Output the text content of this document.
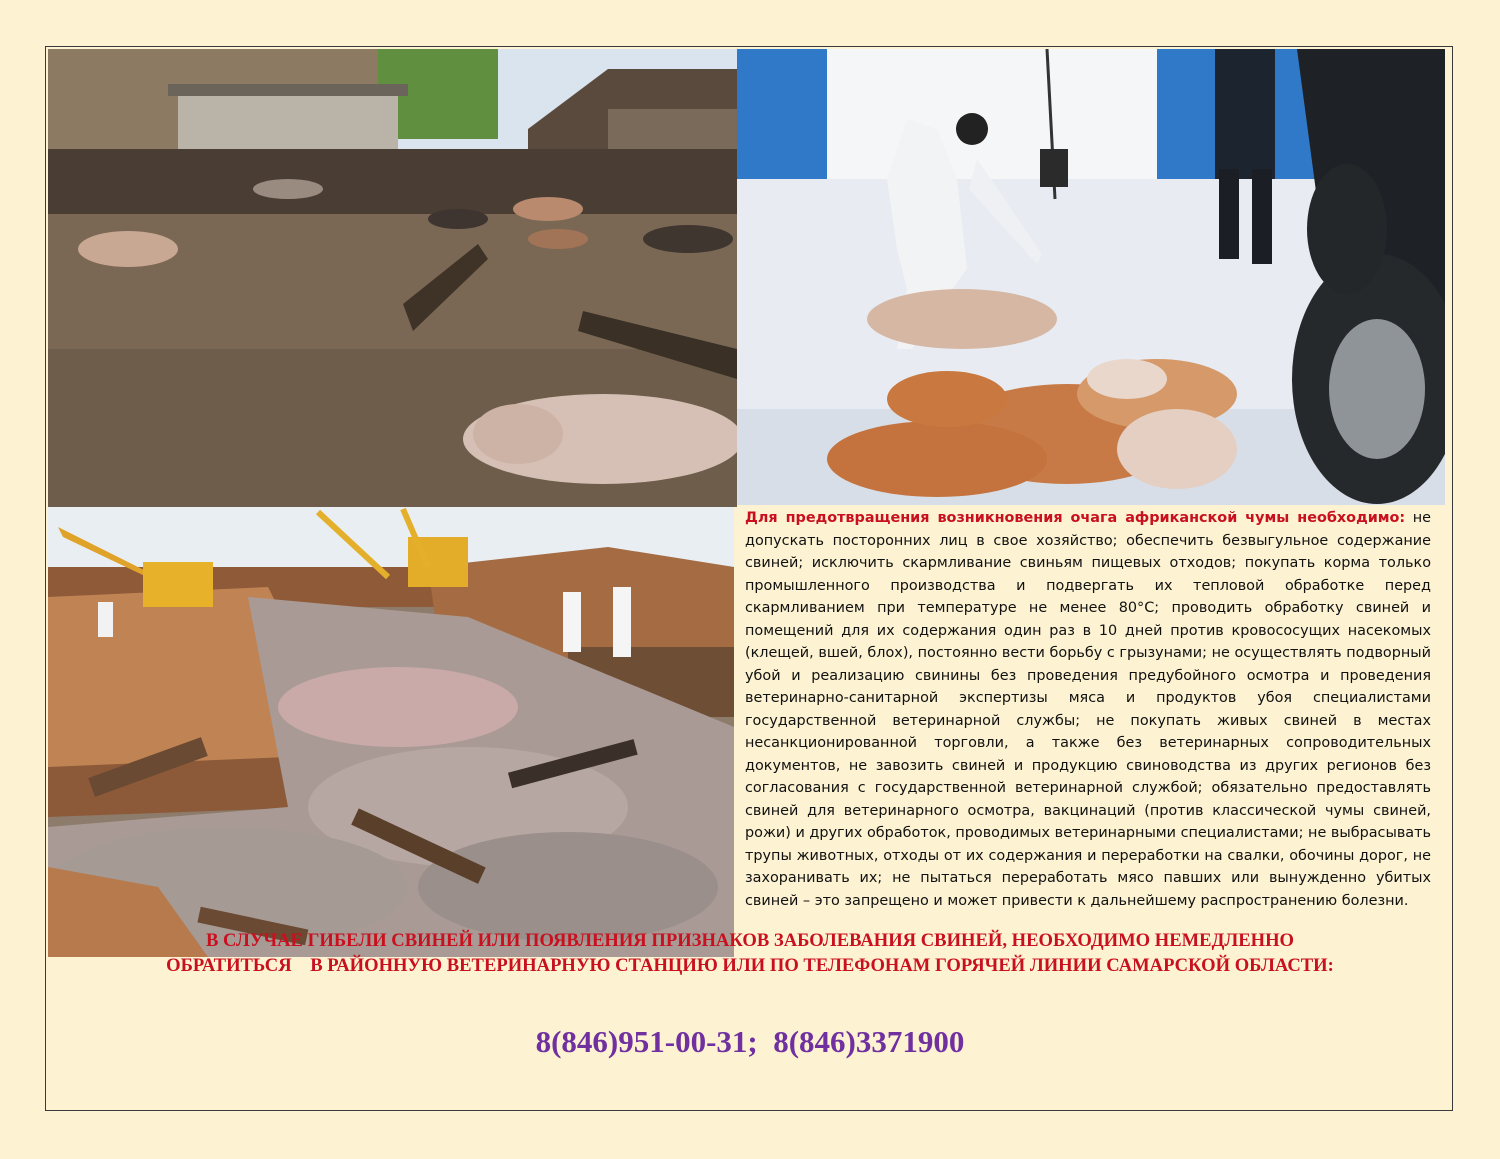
Для предотвращения возникновения очага африканской чумы необходимо: не допускать посторонних лиц в свое хозяйство; обеспечить безвыгульное содержание свиней; исключить скармливание свиньям пищевых отходов; покупать корма только промышленного производства и подвергать их тепловой обработке перед скармливанием при температуре не менее 80°С; проводить обработку свиней и помещений для их содержания один раз в 10 дней против кровососущих насекомых (клещей, вшей, блох), постоянно вести борьбу с грызунами; не осуществлять подворный убой и реализацию свинины без проведения предубойного осмотра и проведения ветеринарно-санитарной экспертизы мяса и продуктов убоя специалистами государственной ветеринарной службы; не покупать живых свиней в местах несанкционированной торговли, а также без ветеринарных сопроводительных документов, не завозить свиней и продукцию свиноводства из других регионов без согласования с государственной ветеринарной службой; обязательно предоставлять свиней для ветеринарного осмотра, вакцинаций (против классической чумы свиней, рожи) и других обработок, проводимых ветеринарными специалистами; не выбрасывать трупы животных, отходы от их содержания и переработки на свалки, обочины дорог, не захоранивать их; не пытаться переработать мясо павших или вынужденно убитых свиней – это запрещено и может привести к дальнейшему распространению болезни.

В СЛУЧАЕ ГИБЕЛИ СВИНЕЙ ИЛИ ПОЯВЛЕНИЯ ПРИЗНАКОВ ЗАБОЛЕВАНИЯ СВИНЕЙ, НЕОБХОДИМО НЕМЕДЛЕННО
ОБРАТИТЬСЯ    В РАЙОННУЮ ВЕТЕРИНАРНУЮ СТАНЦИЮ ИЛИ ПО ТЕЛЕФОНАМ ГОРЯЧЕЙ ЛИНИИ САМАРСКОЙ ОБЛАСТИ:
8(846)951-00-31;  8(846)3371900
